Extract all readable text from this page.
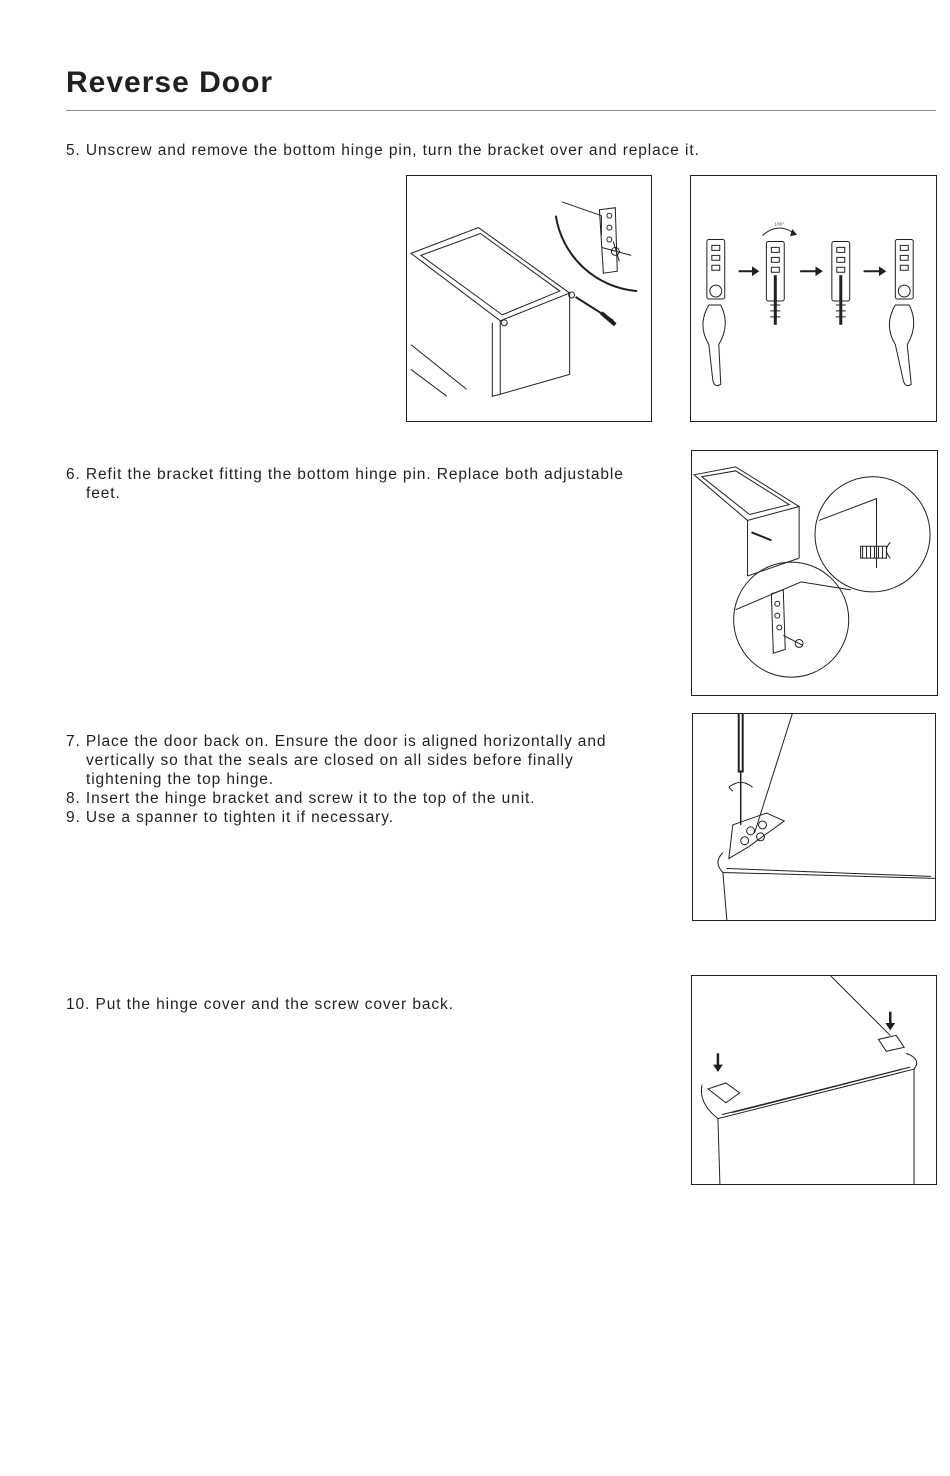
Reverse Door
5. Unscrew and remove the bottom hinge pin, turn the bracket over and replace it.
180°
6. Refit the bracket fitting the bottom hinge pin. Replace both adjustable
feet.
7. Place the door back on. Ensure the door is aligned horizontally and
vertically so that the seals are closed on all sides before finally
tightening the top hinge.
8. Insert the hinge bracket and screw it to the top of the unit.
9. Use a spanner to tighten it if necessary.
10. Put the hinge cover and the screw cover back.
